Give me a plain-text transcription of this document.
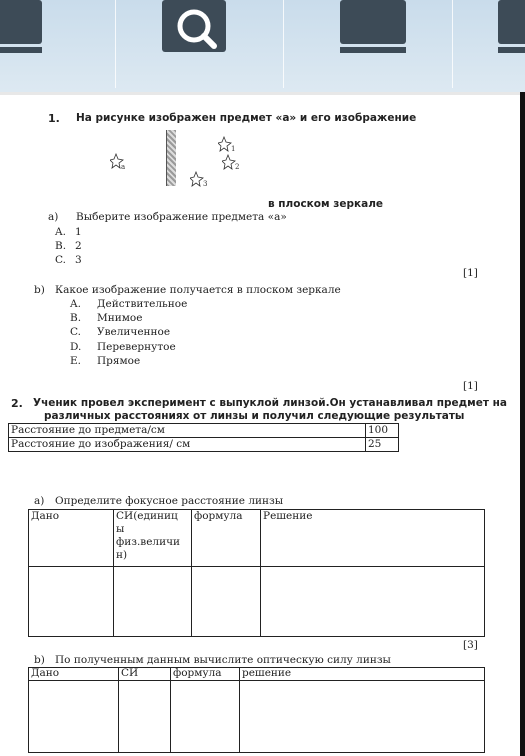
1. На рисунке изображен предмет «а» и его изображение
а
1
2
3
в плоском зеркале
a) Выберите изображение предмета «а»
A. 1
B. 2
C. 3
[1]
b) Какое изображение получается в плоском зеркале
A. Действительное
B. Мнимое
C. Увеличенное
D. Перевернутое
E. Прямое
[1]
2. Ученик провел эксперимент с выпуклой линзой.Он устанавливал предмет на
различных расстояниях от линзы и получил следующие результаты
Расстояние до предмета/см	100
Расстояние до изображения/ см	25
a) Определите фокусное расстояние линзы
Дано	СИ(единиц
ы
физ.величи
н)	формула	Решение

[3]
b) По полученным данным вычислите оптическую силу линзы
Дано	СИ	формула	решение
